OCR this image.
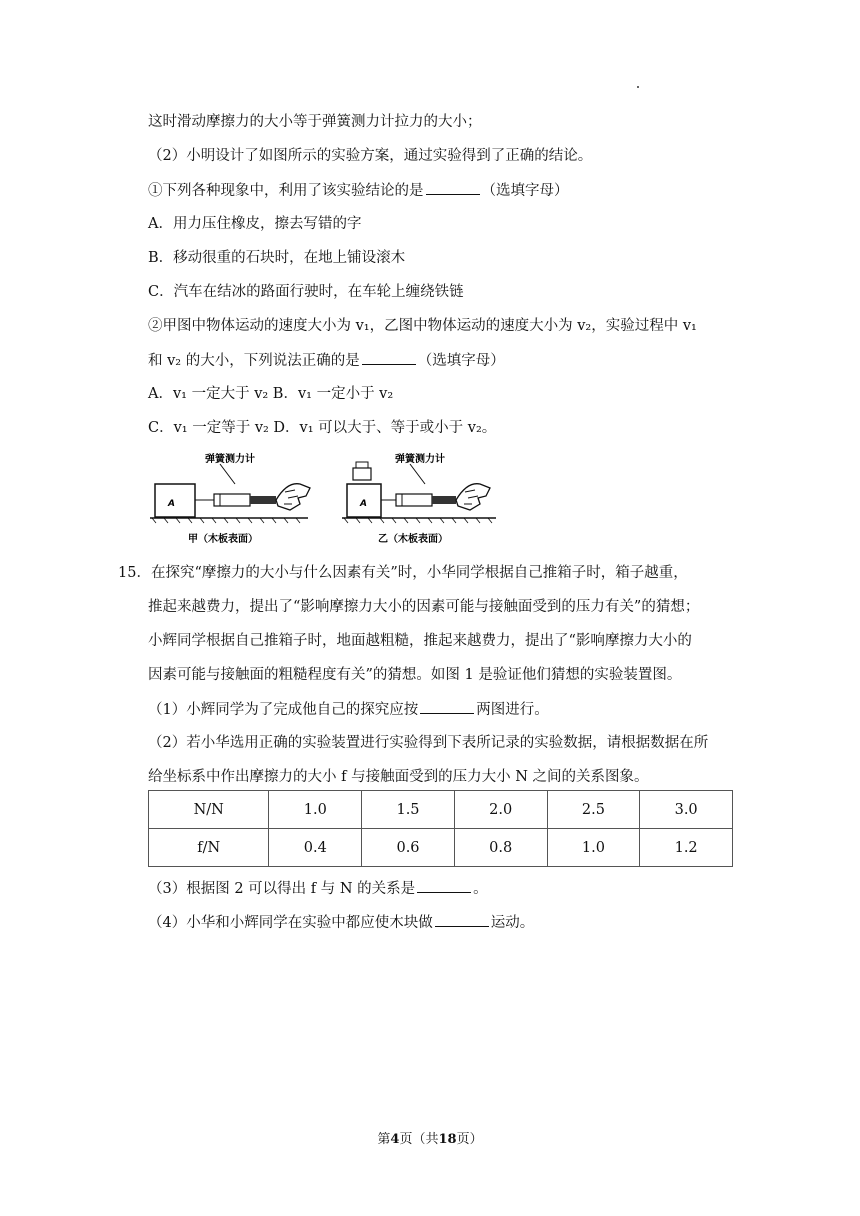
这时滑动摩擦力的大小等于弹簧测力计拉力的大小；
（2）小明设计了如图所示的实验方案，通过实验得到了正确的结论。
①下列各种现象中，利用了该实验结论的是	（选填字母）
A．用力压住橡皮，擦去写错的字
B．移动很重的石块时，在地上铺设滚木
C．汽车在结冰的路面行驶时，在车轮上缠绕铁链
②甲图中物体运动的速度大小为 v₁，乙图中物体运动的速度大小为 v₂，实验过程中 v₁
和 v₂ 的大小，下列说法正确的是	（选填字母）
A．v₁ 一定大于 v₂ B．v₁ 一定小于 v₂
C．v₁ 一定等于 v₂ D．v₁ 可以大于、等于或小于 v₂。
弹簧测力计
A
甲（木板表面）
弹簧测力计
A
乙（木板表面）
15．在探究“摩擦力的大小与什么因素有关”时，小华同学根据自己推箱子时，箱子越重，
推起来越费力，提出了“影响摩擦力大小的因素可能与接触面受到的压力有关”的猜想；
小辉同学根据自己推箱子时，地面越粗糙，推起来越费力，提出了“影响摩擦力大小的
因素可能与接触面的粗糙程度有关”的猜想。如图 1 是验证他们猜想的实验装置图。
（1）小辉同学为了完成他自己的探究应按	两图进行。
（2）若小华选用正确的实验装置进行实验得到下表所记录的实验数据，请根据数据在所
给坐标系中作出摩擦力的大小 f 与接触面受到的压力大小 N 之间的关系图象。
N/N	1.0	1.5	2.0	2.5	3.0
f/N	0.4	0.6	0.8	1.0	1.2
（3）根据图 2 可以得出 f 与 N 的关系是	。
（4）小华和小辉同学在实验中都应使木块做	运动。
第4页（共18页）
